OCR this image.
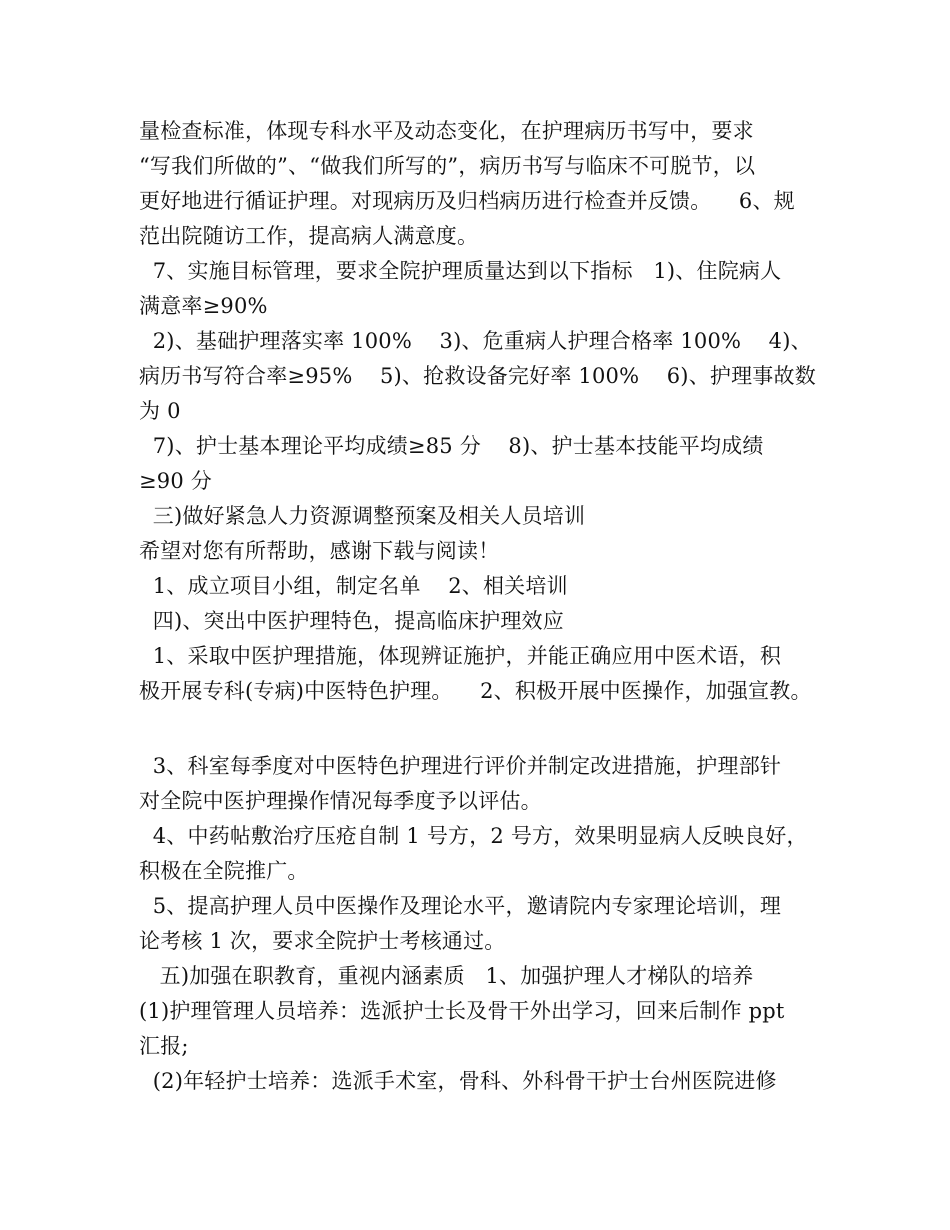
量检查标准，体现专科水平及动态变化，在护理病历书写中，要求
“写我们所做的”、“做我们所写的”，病历书写与临床不可脱节，以
更好地进行循证护理。对现病历及归档病历进行检查并反馈。    6、规
范出院随访工作，提高病人满意度。
7、实施目标管理，要求全院护理质量达到以下指标   1)、住院病人
满意率≥90%
2)、基础护理落实率 100%    3)、危重病人护理合格率 100%    4)、
病历书写符合率≥95%    5)、抢救设备完好率 100%    6)、护理事故数
为 0
7)、护士基本理论平均成绩≥85 分    8)、护士基本技能平均成绩
≥90 分
三)做好紧急人力资源调整预案及相关人员培训
希望对您有所帮助，感谢下载与阅读！
1、成立项目小组，制定名单    2、相关培训
四)、突出中医护理特色，提高临床护理效应
1、采取中医护理措施，体现辨证施护，并能正确应用中医术语，积
极开展专科(专病)中医特色护理。    2、积极开展中医操作，加强宣教。
3、科室每季度对中医特色护理进行评价并制定改进措施，护理部针
对全院中医护理操作情况每季度予以评估。
4、中药帖敷治疗压疮自制 1 号方，2 号方，效果明显病人反映良好，
积极在全院推广。
5、提高护理人员中医操作及理论水平，邀请院内专家理论培训，理
论考核 1 次，要求全院护士考核通过。
五)加强在职教育，重视内涵素质   1、加强护理人才梯队的培养
(1)护理管理人员培养：选派护士长及骨干外出学习，回来后制作 ppt
汇报;
(2)年轻护士培养：选派手术室，骨科、外科骨干护士台州医院进修
